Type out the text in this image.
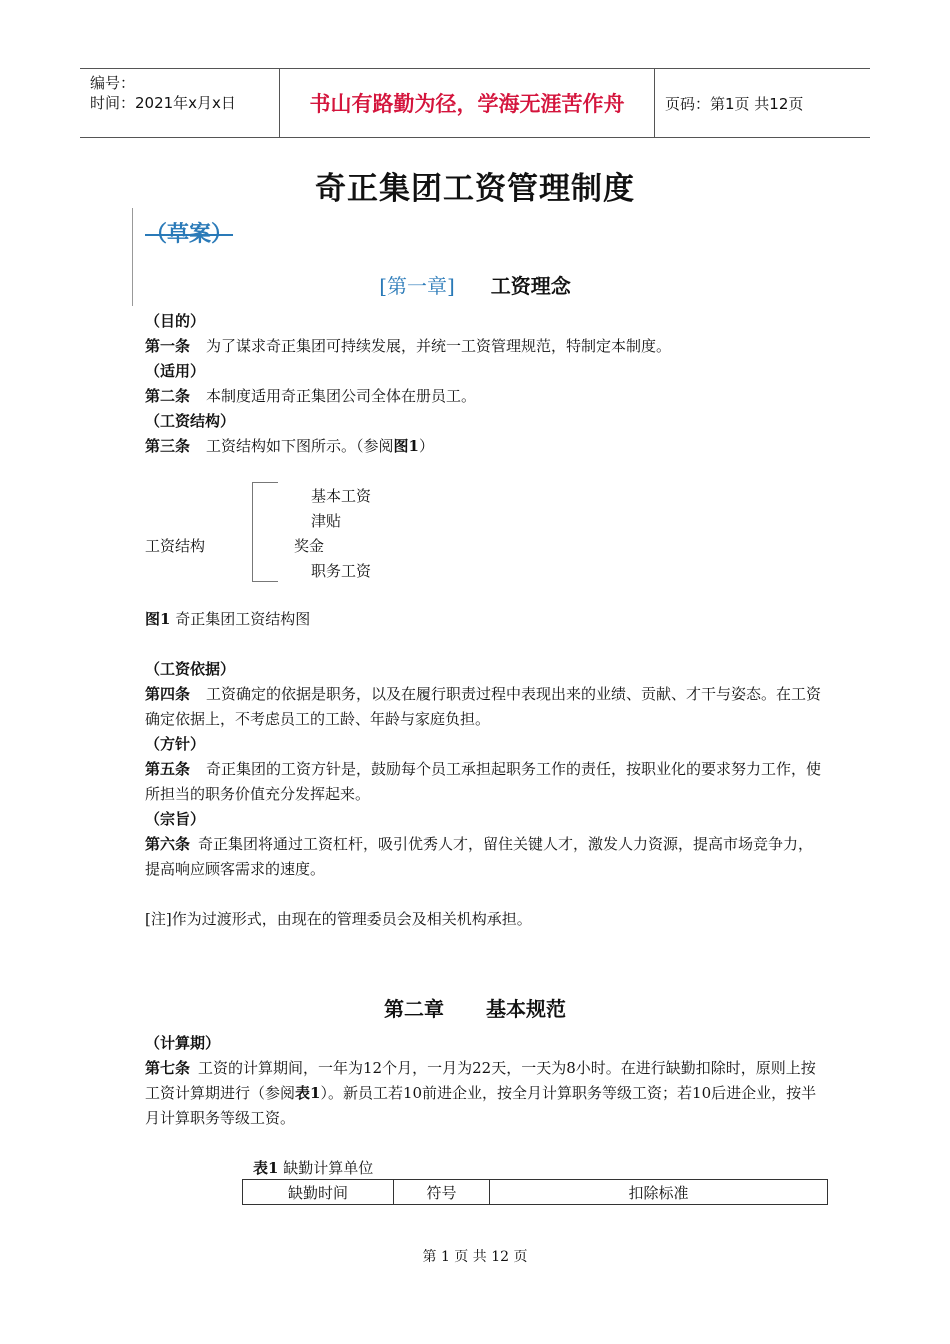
编号：
时间：2021年x月x日	书山有路勤为径，学海无涯苦作舟	页码：第1页 共12页
奇正集团工资管理制度
（草案）
[第一章] 工资理念
（目的）
第一条 为了谋求奇正集团可持续发展，并统一工资管理规范，特制定本制度。
（适用）
第二条 本制度适用奇正集团公司全体在册员工。
（工资结构）
第三条 工资结构如下图所示。（参阅图1）
工资结构
基本工资
津贴
奖金
职务工资
图1 奇正集团工资结构图
（工资依据）
第四条 工资确定的依据是职务，以及在履行职责过程中表现出来的业绩、贡献、才干与姿态。在工资确定依据上，不考虑员工的工龄、年龄与家庭负担。
（方针）
第五条 奇正集团的工资方针是，鼓励每个员工承担起职务工作的责任，按职业化的要求努力工作，使所担当的职务价值充分发挥起来。
（宗旨）
第六条 奇正集团将通过工资杠杆，吸引优秀人才，留住关键人才，激发人力资源，提高市场竞争力，提高响应顾客需求的速度。
[注]作为过渡形式，由现在的管理委员会及相关机构承担。
第二章 基本规范
（计算期）
第七条 工资的计算期间，一年为12个月，一月为22天，一天为8小时。在进行缺勤扣除时，原则上按工资计算期进行（参阅表1）。新员工若10前进企业，按全月计算职务等级工资；若10后进企业，按半月计算职务等级工资。
表1 缺勤计算单位
缺勤时间	符号	扣除标准
第 1 页 共 12 页
